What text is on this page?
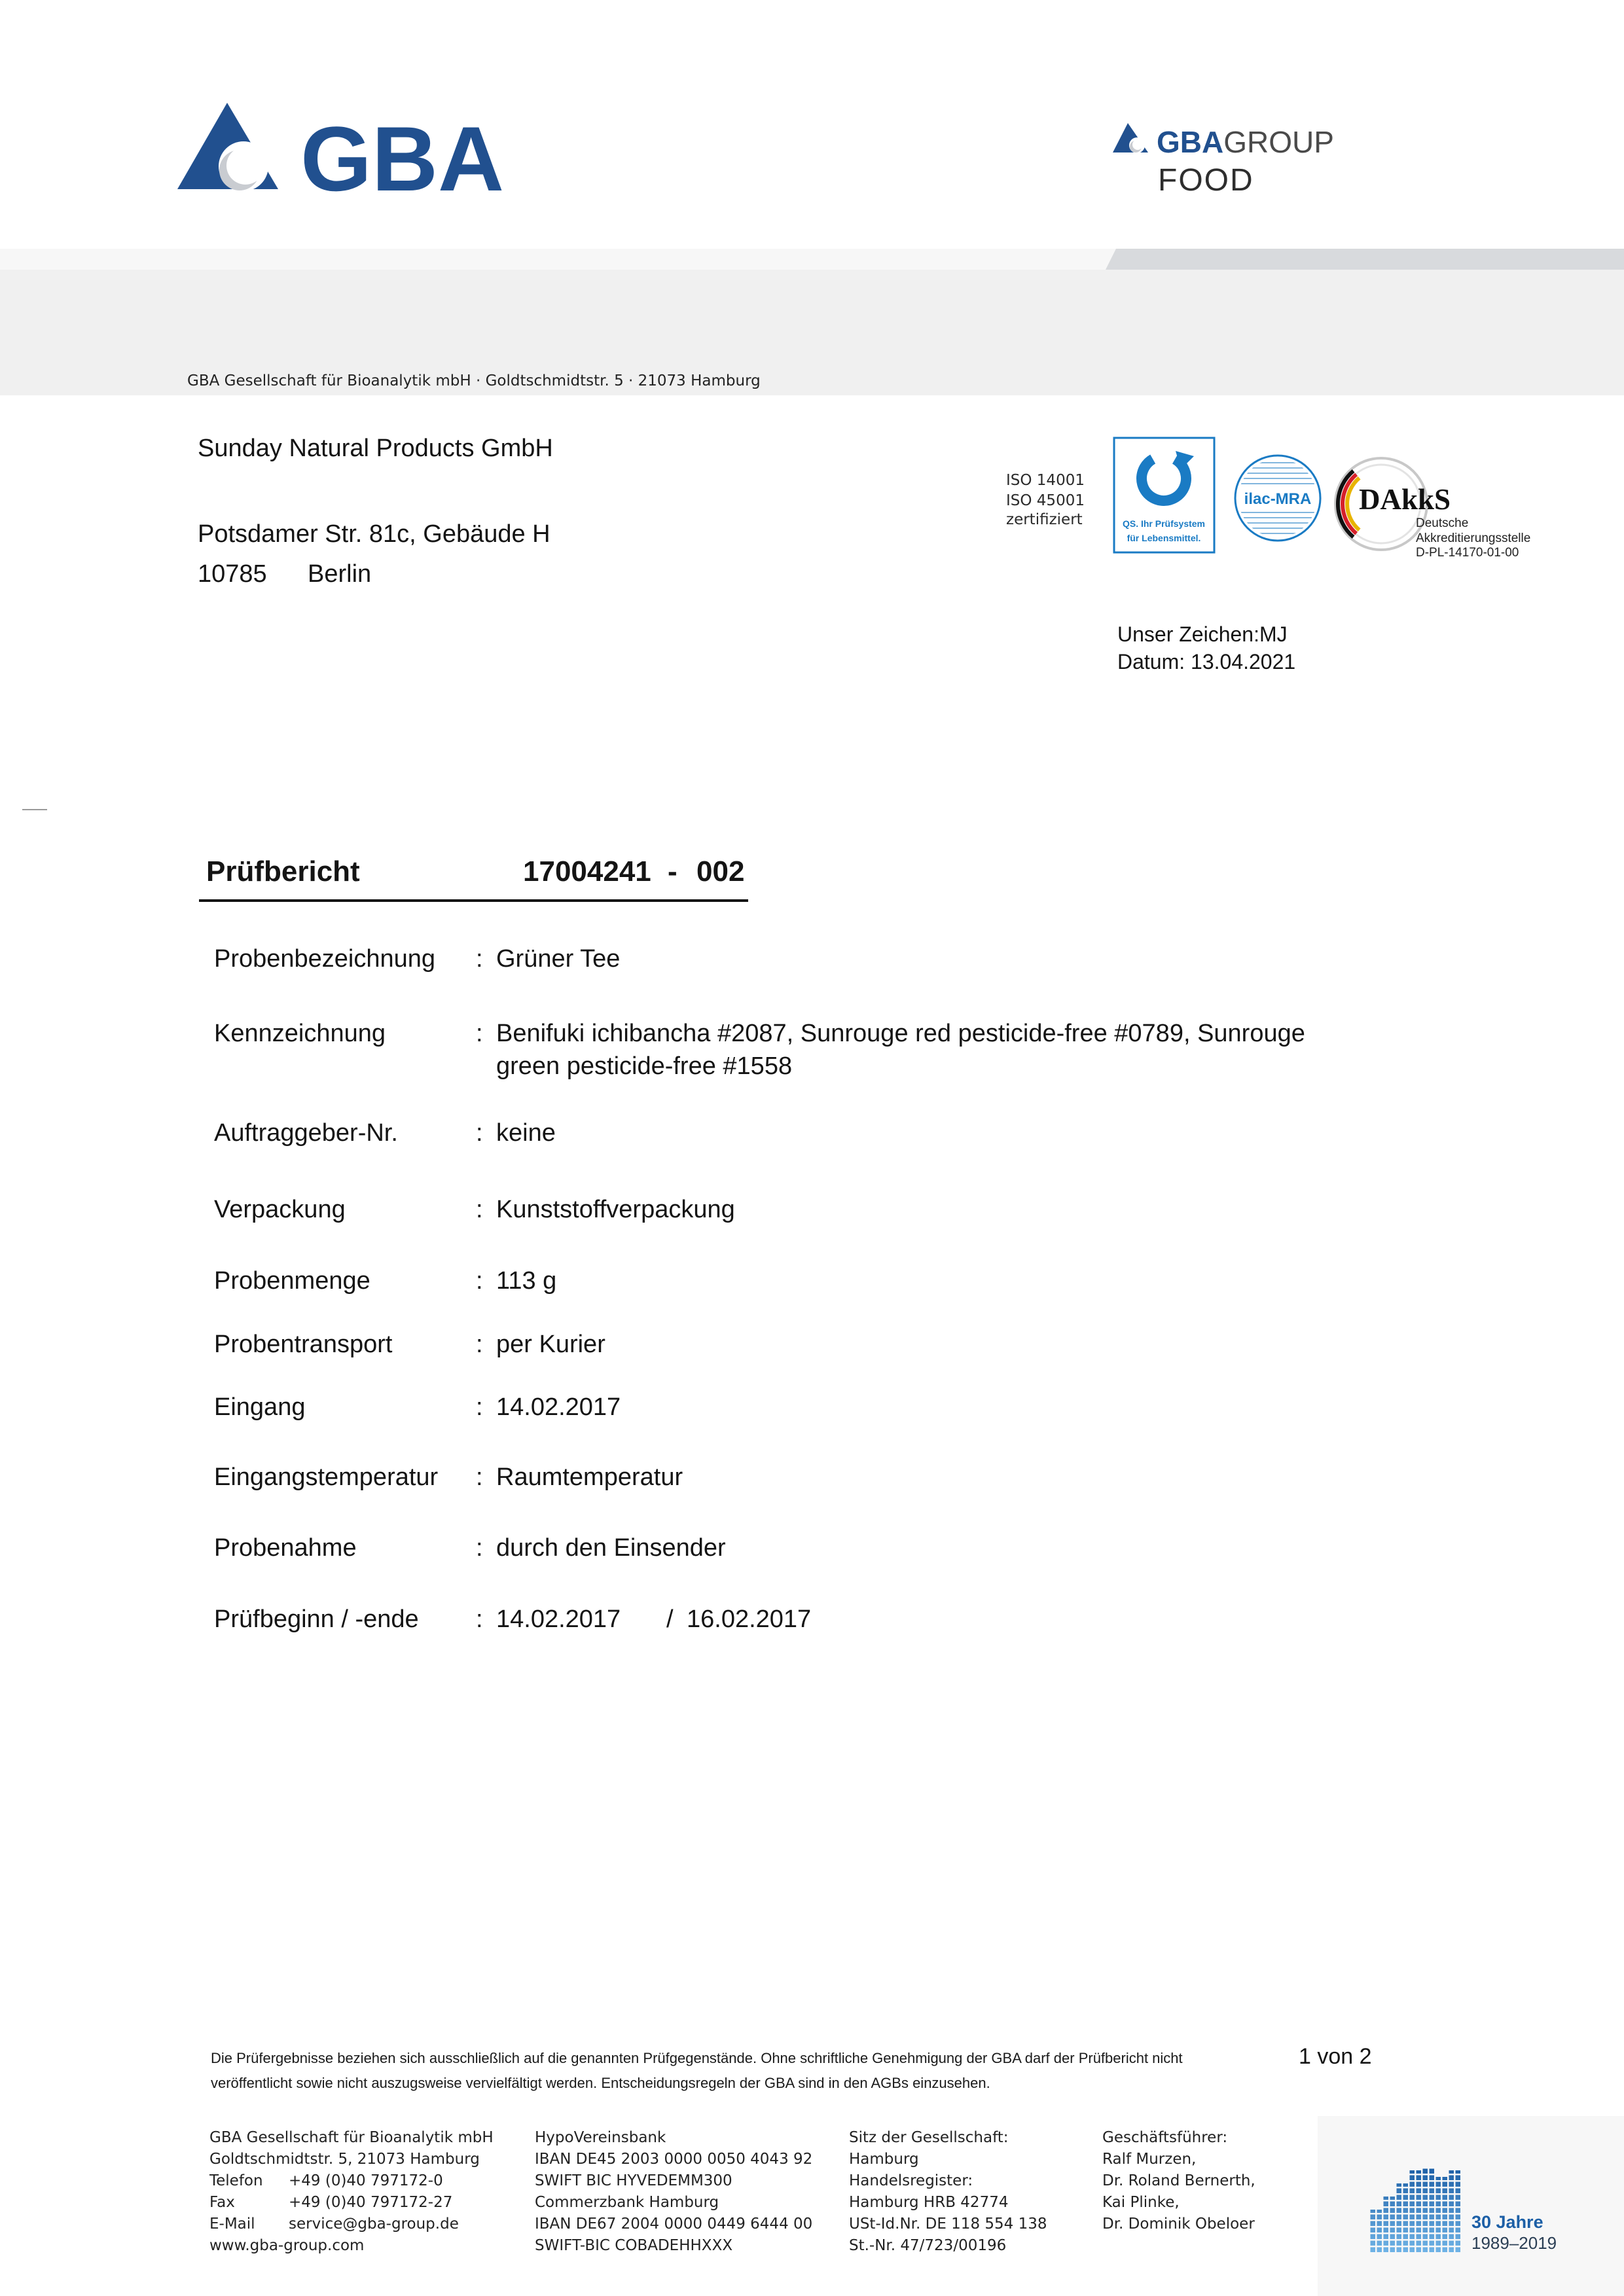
GBA	GBAGROUP
FOOD
GBA Gesellschaft für Bioanalytik mbH · Goldtschmidtstr. 5 · 21073 Hamburg
Sunday Natural Products GmbH
Potsdamer Str. 81c, Gebäude H
10785 Berlin
ISO 14001
ISO 45001
zertifiziert	QS. Ihr Prüfsystem
für Lebensmittel.
ilac-MRA DAkkS
Deutsche
Akkreditierungsstelle
D-PL-14170-01-00
Unser Zeichen:MJ
Datum: 13.04.2021
Prüfbericht	17004241 - 002
Probenbezeichnung : Grüner Tee
Kennzeichnung	: Benifuki ichibancha #2087, Sunrouge red pesticide-free #0789, Sunrouge
green pesticide-free #1558
Auftraggeber-Nr.	: keine
Verpackung	: Kunststoffverpackung
Probenmenge	: 113 g
Probentransport	: per Kurier
Eingang	: 14.02.2017
Eingangstemperatur : Raumtemperatur
Probenahme	: durch den Einsender
Prüfbeginn / -ende : 14.02.2017 / 16.02.2017
Die Prüfergebnisse beziehen sich ausschließlich auf die genannten Prüfgegenstände. Ohne schriftliche Genehmigung der GBA darf der Prüfbericht nicht
veröffentlicht sowie nicht auszugsweise vervielfältigt werden. Entscheidungsregeln der GBA sind in den AGBs einzusehen.
1 von 2
GBA Gesellschaft für Bioanalytik mbH
Goldtschmidtstr. 5, 21073 Hamburg
Telefon +49 (0)40 797172-0
Fax	+49 (0)40 797172-27
E-Mail service@gba-group.de
www.gba-group.com
HypoVereinsbank
IBAN DE45 2003 0000 0050 4043 92
SWIFT BIC HYVEDEMM300
Commerzbank Hamburg
IBAN DE67 2004 0000 0449 6444 00
SWIFT-BIC COBADEHHXXX
Sitz der Gesellschaft:
Hamburg
Handelsregister:
Hamburg HRB 42774
USt-Id.Nr. DE 118 554 138
St.-Nr. 47/723/00196
Geschäftsführer:
Ralf Murzen,
Dr. Roland Bernerth,
Kai Plinke,
Dr. Dominik Obeloer	30 Jahre
1989–2019
